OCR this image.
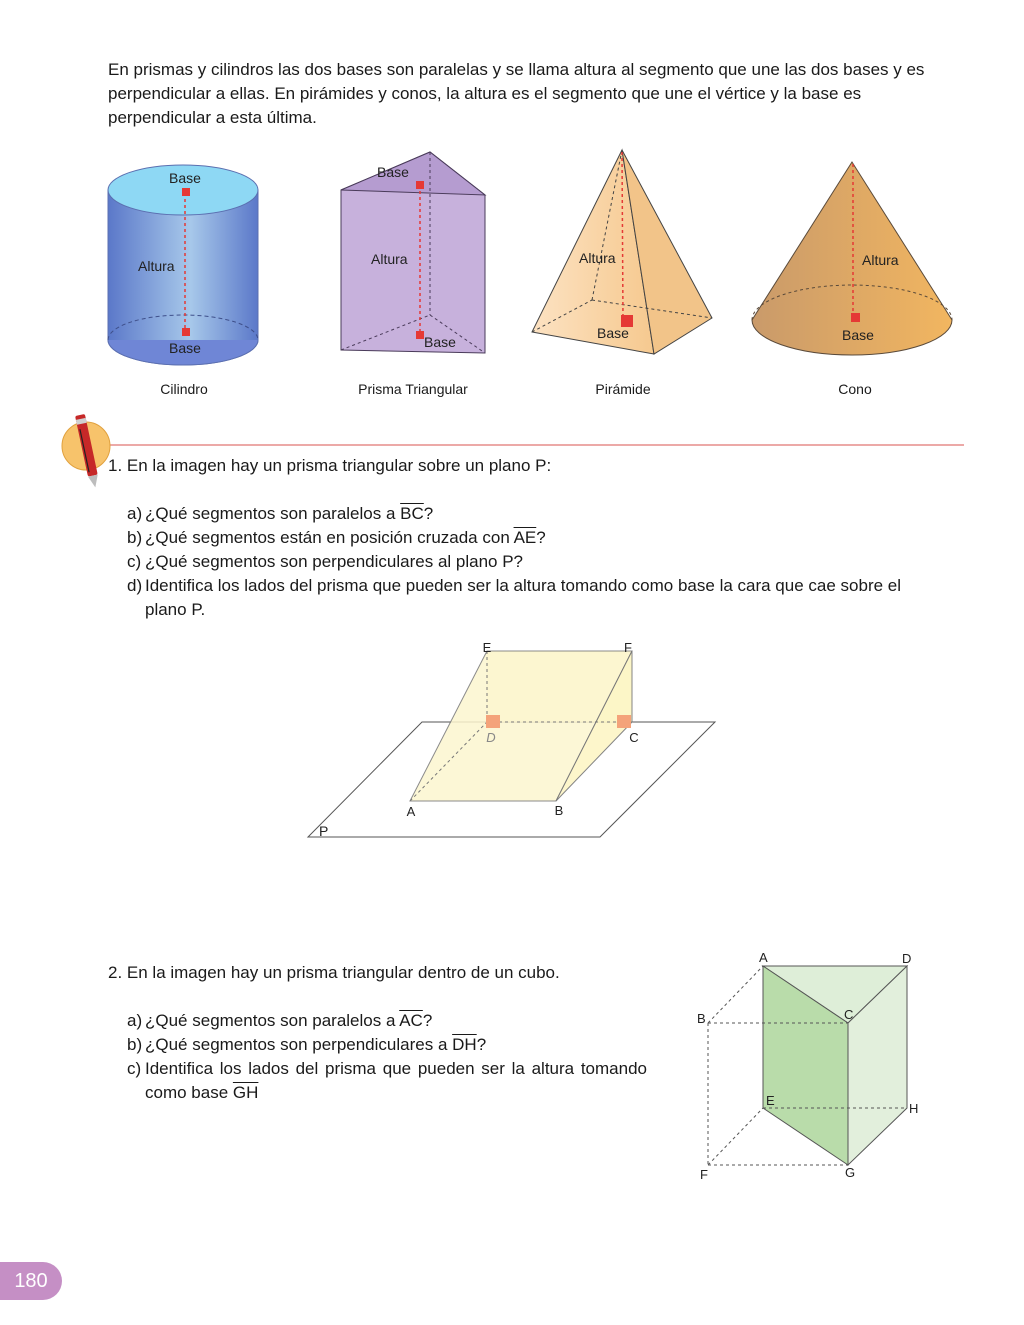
En prismas y cilindros las dos bases son paralelas y se llama altura al segmento que une las dos bases y es perpendicular a ellas. En pirámides y conos, la altura es el segmento que une el vértice y la base es perpendicular a esta última.

Base
Altura
Base
Base
Altura
Base
Altura
Base
Altura
Base
Cilindro	Prisma Triangular	Pirámide	Cono
1. En la imagen hay un prisma triangular sobre un plano P:
a) ¿Qué segmentos son paralelos a $\overline{BC}$?
b) ¿Qué segmentos están en posición cruzada con $\overline{AE}$?
c) ¿Qué segmentos son perpendiculares al plano P?
d) Identifica los lados del prisma que pueden ser la altura tomando como base la cara que cae sobre el plano P.
E	F
D	C
A	B
P
2. En la imagen hay un prisma triangular dentro de un cubo.
a) ¿Qué segmentos son paralelos a $\overline{AC}$?
b) ¿Qué segmentos son perpendiculares a $\overline{DH}$?
c) Identifica los lados del prisma que pueden ser la altura tomando como base $\overline{GH}$
A	D
B	C
E
H
F	G
180
